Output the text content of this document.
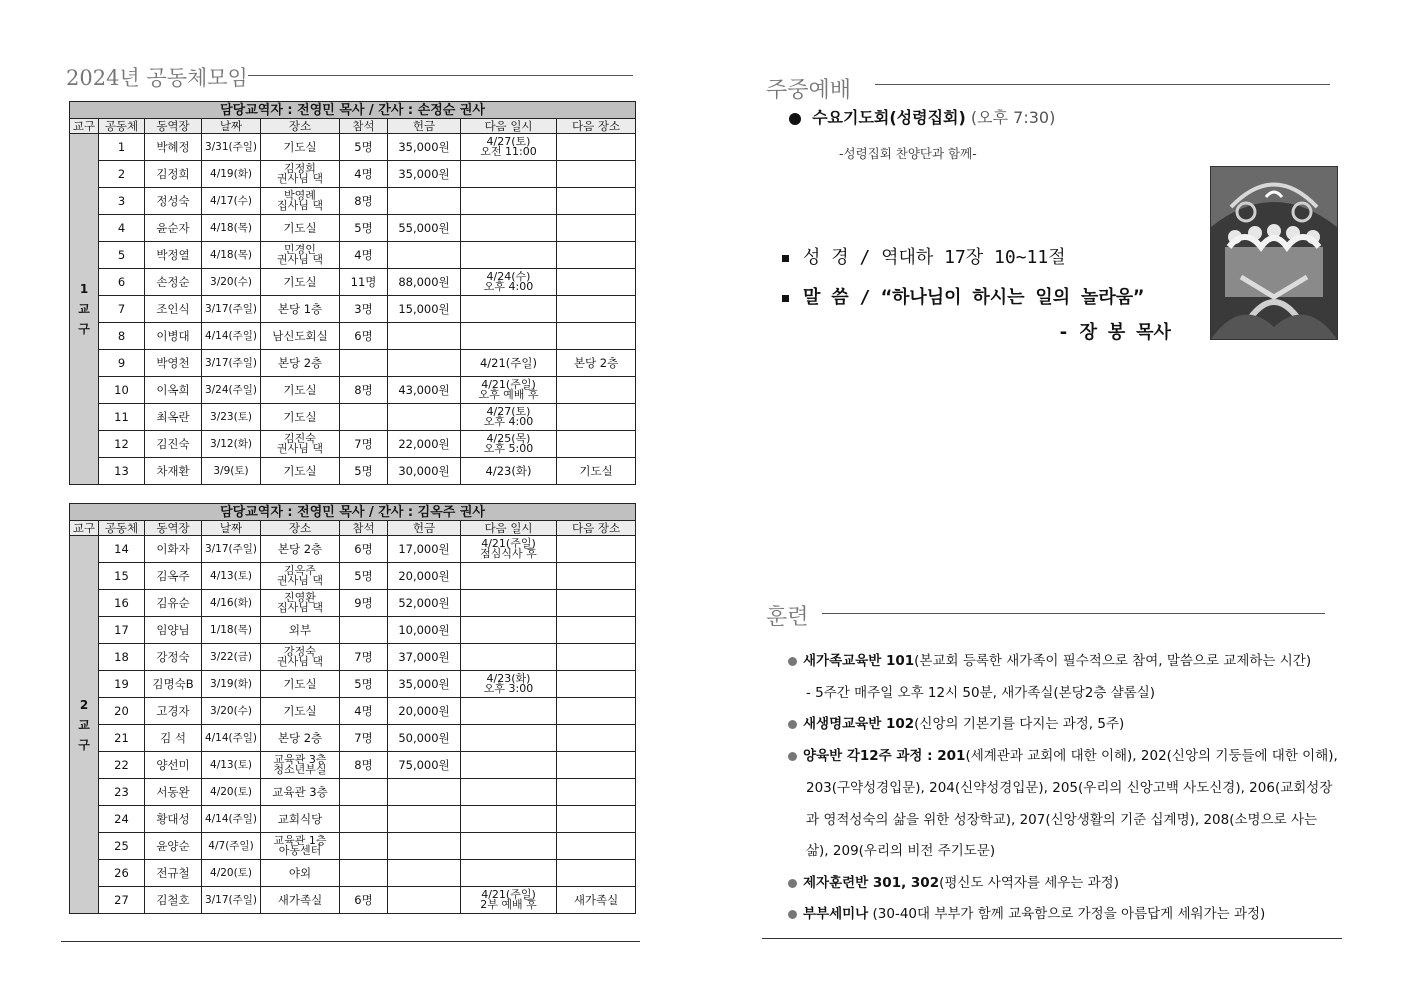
2024년 공동체모임
담당교역자 : 전영민 목사 / 간사 : 손정순 권사								
교구	공동체	동역장	날짜	장소	참석	헌금	다음 일시	다음 장소
1
교
구	1	박혜정	3/31(주일)	기도실	5명	35,000원	4/27(토)
오전 11:00	
	2	김정희	4/19(화)	김정희
권사님 댁	4명	35,000원		
	3	정성숙	4/17(수)	박영례
집사님 댁	8명			
	4	윤순자	4/18(목)	기도실	5명	55,000원		
	5	박정열	4/18(목)	민경인
권사님 댁	4명			
	6	손정순	3/20(수)	기도실	11명	88,000원	4/24(수)
오후 4:00	
	7	조인식	3/17(주일)	본당 1층	3명	15,000원		
	8	이병대	4/14(주일)	남신도회실	6명			
	9	박영천	3/17(주일)	본당 2층			4/21(주일)	본당 2층
	10	이옥희	3/24(주일)	기도실	8명	43,000원	4/21(주일)
오후 예배 후	
	11	최옥란	3/23(토)	기도실			4/27(토)
오후 4:00	
	12	김진숙	3/12(화)	김진숙
권사님 댁	7명	22,000원	4/25(목)
오후 5:00	
	13	차재환	3/9(토)	기도실	5명	30,000원	4/23(화)	기도실
담당교역자 : 전영민 목사 / 간사 : 김옥주 권사								
교구	공동체	동역장	날짜	장소	참석	헌금	다음 일시	다음 장소
2
교
구	14	이화자	3/17(주일)	본당 2층	6명	17,000원	4/21(주일)
점심식사 후	
	15	김옥주	4/13(토)	김옥주
권사님 댁	5명	20,000원		
	16	김유순	4/16(화)	진영환
집사님 댁	9명	52,000원		
	17	임양님	1/18(목)	외부		10,000원		
	18	강정숙	3/22(금)	강정숙
권사님 댁	7명	37,000원		
	19	김명숙B	3/19(화)	기도실	5명	35,000원	4/23(화)
오후 3:00	
	20	고경자	3/20(수)	기도실	4명	20,000원		
	21	김 석	4/14(주일)	본당 2층	7명	50,000원		
	22	양선미	4/13(토)	교육관 3층
청소년부실	8명	75,000원		
	23	서동완	4/20(토)	교육관 3층				
	24	황대성	4/14(주일)	교회식당				
	25	윤양순	4/7(주일)	교육관 1층
아동센터				
	26	전규철	4/20(토)	야외				
	27	김철호	3/17(주일)	새가족실	6명		4/21(주일)
2부 예배 후	새가족실
주중예배
수요기도회(성령집회) (오후 7:30)
-성령집회 찬양단과 함께-
성 경 / 역대하 17장 10~11절
말 씀 / “하나님이 하시는 일의 놀라움”
- 장 봉 목사
훈련
새가족교육반 101(본교회 등록한 새가족이 필수적으로 참여, 말씀으로 교제하는 시간)
- 5주간 매주일 오후 12시 50분, 새가족실(본당2층 샬롬실)
새생명교육반 102(신앙의 기본기를 다지는 과정, 5주)
양육반 각12주 과정 : 201(세계관과 교회에 대한 이해), 202(신앙의 기둥들에 대한 이해),
203(구약성경입문), 204(신약성경입문), 205(우리의 신앙고백 사도신경), 206(교회성장
과 영적성숙의 삶을 위한 성장학교), 207(신앙생활의 기준 십계명), 208(소명으로 사는
삶), 209(우리의 비전 주기도문)
제자훈련반 301, 302(평신도 사역자를 세우는 과정)
부부세미나 (30-40대 부부가 함께 교육함으로 가정을 아름답게 세워가는 과정)
